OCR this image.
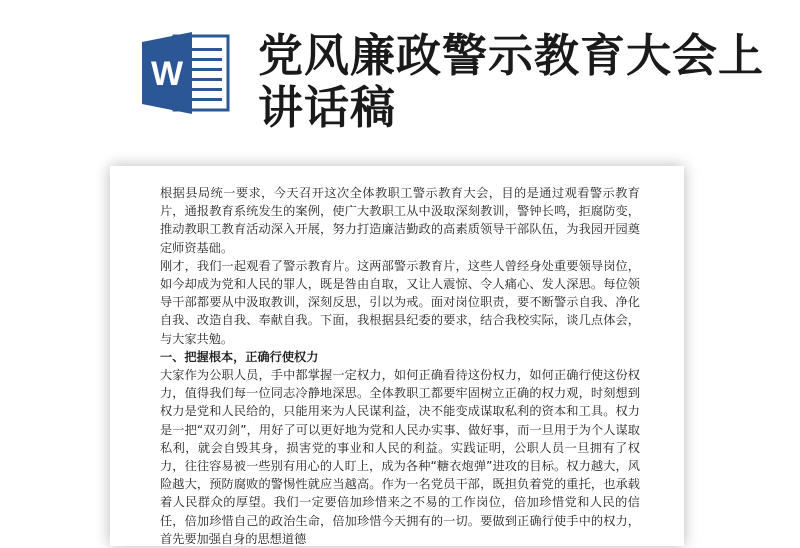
W 党风廉政警示教育大会上讲话稿

根据县局统一要求，今天召开这次全体教职工警示教育大会，目的是通过观看警示教育片，通报教育系统发生的案例，使广大教职工从中汲取深刻教训，警钟长鸣，拒腐防变，推动教职工教育活动深入开展，努力打造廉洁勤政的高素质领导干部队伍，为我园开园奠定师资基础。

刚才，我们一起观看了警示教育片。这两部警示教育片，这些人曾经身处重要领导岗位，如今却成为党和人民的罪人，既是咎由自取，又让人震惊、令人痛心、发人深思。每位领导干部都要从中汲取教训，深刻反思，引以为戒。面对岗位职责，要不断警示自我、净化自我、改造自我、奉献自我。下面，我根据县纪委的要求，结合我校实际，谈几点体会，与大家共勉。

一、把握根本，正确行使权力

大家作为公职人员，手中都掌握一定权力，如何正确看待这份权力，如何正确行使这份权力，值得我们每一位同志冷静地深思。全体教职工都要牢固树立正确的权力观，时刻想到权力是党和人民给的，只能用来为人民谋利益，决不能变成谋取私利的资本和工具。权力是一把“双刃剑”，用好了可以更好地为党和人民办实事、做好事，而一旦用于为个人谋取私利，就会自毁其身，损害党的事业和人民的利益。实践证明，公职人员一旦拥有了权力，往往容易被一些别有用心的人盯上，成为各种“糖衣炮弹”进攻的目标。权力越大，风险越大，预防腐败的警惕性就应当越高。作为一名党员干部，既担负着党的重托，也承载着人民群众的厚望。我们一定要倍加珍惜来之不易的工作岗位，倍加珍惜党和人民的信任，倍加珍惜自己的政治生命，倍加珍惜今天拥有的一切。要做到正确行使手中的权力，首先要加强自身的思想道德
